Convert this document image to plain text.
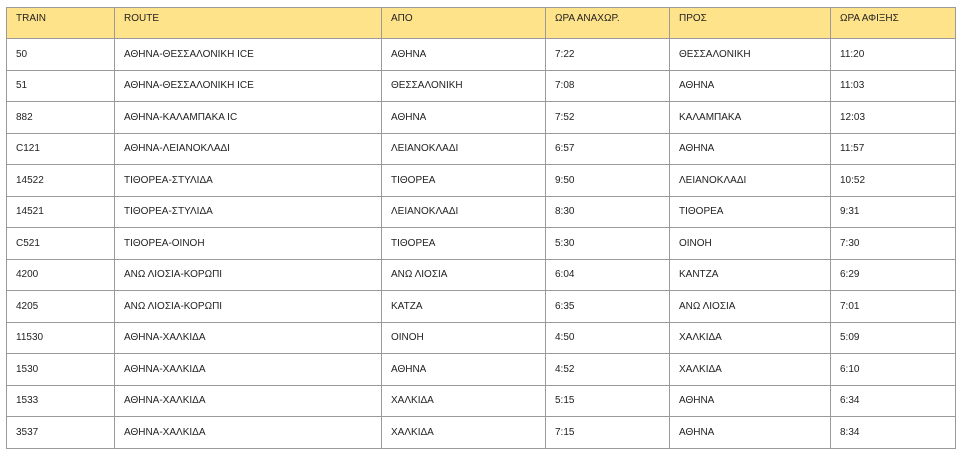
TRAIN	ROUTE	ΑΠΟ	ΩΡΑ ΑΝΑΧΩΡ.	ΠΡΟΣ	ΩΡΑ ΑΦΙΞΗΣ
50	ΑΘΗΝΑ-ΘΕΣΣΑΛΟΝΙΚΗ ICE	ΑΘΗΝΑ	7:22	ΘΕΣΣΑΛΟΝΙΚΗ	11:20
51	ΑΘΗΝΑ-ΘΕΣΣΑΛΟΝΙΚΗ ICE	ΘΕΣΣΑΛΟΝΙΚΗ	7:08	ΑΘΗΝΑ	11:03
882	ΑΘΗΝΑ-ΚΑΛΑΜΠΑΚΑ IC	ΑΘΗΝΑ	7:52	ΚΑΛΑΜΠΑΚΑ	12:03
C121	ΑΘΗΝΑ-ΛΕΙΑΝΟΚΛΑΔΙ	ΛΕΙΑΝΟΚΛΑΔΙ	6:57	ΑΘΗΝΑ	11:57
14522	ΤΙΘΟΡΕΑ-ΣΤΥΛΙΔΑ	ΤΙΘΟΡΕΑ	9:50	ΛΕΙΑΝΟΚΛΑΔΙ	10:52
14521	ΤΙΘΟΡΕΑ-ΣΤΥΛΙΔΑ	ΛΕΙΑΝΟΚΛΑΔΙ	8:30	ΤΙΘΟΡΕΑ	9:31
C521	ΤΙΘΟΡΕΑ-ΟΙΝΟΗ	ΤΙΘΟΡΕΑ	5:30	ΟΙΝΟΗ	7:30
4200	ΑΝΩ ΛΙΟΣΙΑ-ΚΟΡΩΠΙ	ΑΝΩ ΛΙΟΣΙΑ	6:04	ΚΑΝΤΖΑ	6:29
4205	ΑΝΩ ΛΙΟΣΙΑ-ΚΟΡΩΠΙ	ΚΑΤΖΑ	6:35	ΑΝΩ ΛΙΟΣΙΑ	7:01
11530	ΑΘΗΝΑ-ΧΑΛΚΙΔΑ	ΟΙΝΟΗ	4:50	ΧΑΛΚΙΔΑ	5:09
1530	ΑΘΗΝΑ-ΧΑΛΚΙΔΑ	ΑΘΗΝΑ	4:52	ΧΑΛΚΙΔΑ	6:10
1533	ΑΘΗΝΑ-ΧΑΛΚΙΔΑ	ΧΑΛΚΙΔΑ	5:15	ΑΘΗΝΑ	6:34
3537	ΑΘΗΝΑ-ΧΑΛΚΙΔΑ	ΧΑΛΚΙΔΑ	7:15	ΑΘΗΝΑ	8:34
